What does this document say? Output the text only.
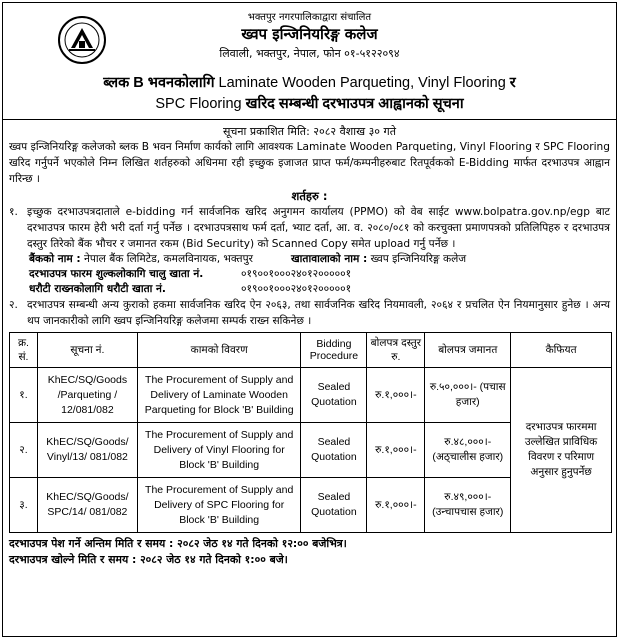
भक्तपुर नगरपालिकाद्वारा संचालित
ख्वप इन्जिनियरिङ्ग कलेज
लिवाली, भक्तपुर, नेपाल, फोन ०१-५१२२०९४
ब्लक B भवनकोलागि Laminate Wooden Parqueting, Vinyl Flooring र
SPC Flooring खरिद सम्बन्धी दरभाउपत्र आह्वानको सूचना
सूचना प्रकाशित मिति: २०८२ वैशाख ३० गते
ख्वप इन्जिनियरिङ्ग कलेजको ब्लक B भवन निर्माण कार्यको लागि आवश्यक Laminate Wooden Parqueting, Vinyl Flooring र SPC Flooring खरिद गर्नुपर्ने भएकोले निम्न लिखित शर्तहरुको अधिनमा रही इच्छुक इजाजत प्राप्त फर्म/कम्पनीहरुबाट रितपूर्वकको E-Bidding मार्फत दरभाउपत्र आह्वान गरिन्छ ।
शर्तहरु :
१. इच्छुक दरभाउपत्रदाताले e-bidding गर्न सार्वजनिक खरिद अनुगमन कार्यालय (PPMO) को वेब साईट www.bolpatra.gov.np/egp बाट दरभाउपत्र फारम हेरी भरी दर्ता गर्नु पर्नेछ । दरभाउपत्रसाथ फर्म दर्ता, भ्याट दर्ता, आ. व. २०८०/०८१ को करचुक्ता प्रमाणपत्रको प्रतिलिपिहरु र दरभाउपत्र दस्तुर तिरेको बैंक भौचर र जमानत रकम (Bid Security) को Scanned Copy समेत upload गर्नु पर्नेछ ।
बैंकको नाम : नेपाल बैंक लिमिटेड, कमलविनायक, भक्तपुर	खातावालाको नाम : ख्वप इन्जिनियरिङ्ग कलेज
दरभाउपत्र फारम शुल्कलोकागि चालु खाता नं.	०१९००१०००२४०१२०००००१
धरौटी राख्नकोलागि धरौटी खाता नं.	०१९००१०००२४०१२०००००१
२. दरभाउपत्र सम्बन्धी अन्य कुराको हकमा सार्वजनिक खरिद ऐन २०६३, तथा सार्वजनिक खरिद नियमावली, २०६४ र प्रचलित ऐन नियमानुसार हुनेछ । अन्य थप जानकारीको लागि ख्वप इन्जिनियरिङ्ग कलेजमा सम्पर्क राख्न सकिनेछ ।
क्र. सं.	सूचना नं.	कामको विवरण	Bidding Procedure	बोलपत्र दस्तुर रु.	बोलपत्र जमानत	कैफियत
१.	KhEC/SQ/Goods /Parqueting / 12/081/082	The Procurement of Supply and Delivery of Laminate Wooden Parqueting for Block 'B' Building	Sealed Quotation	रु.१,०००।-	रु.५०,०००।- (पचास हजार)	दरभाउपत्र फारममा उल्लेखित प्राविधिक विवरण र परिमाण अनुसार हुनुपर्नेछ
२.	KhEC/SQ/Goods/ Vinyl/13/ 081/082	The Procurement of Supply and Delivery of Vinyl Flooring for Block 'B' Building	Sealed Quotation	रु.१,०००।-	रु.४८,०००।- (अठ्चालीस हजार)	
३.	KhEC/SQ/Goods/ SPC/14/ 081/082	The Procurement of Supply and Delivery of SPC Flooring for Block 'B' Building	Sealed Quotation	रु.१,०००।-	रु.४९,०००।- (उन्चापचास हजार)	
दरभाउपत्र पेश गर्ने अन्तिम मिति र समय : २०८२ जेठ १४ गते दिनको १२:०० बजेभित्र।
दरभाउपत्र खोल्ने मिति र समय : २०८२ जेठ १४ गते दिनको १:०० बजे।
